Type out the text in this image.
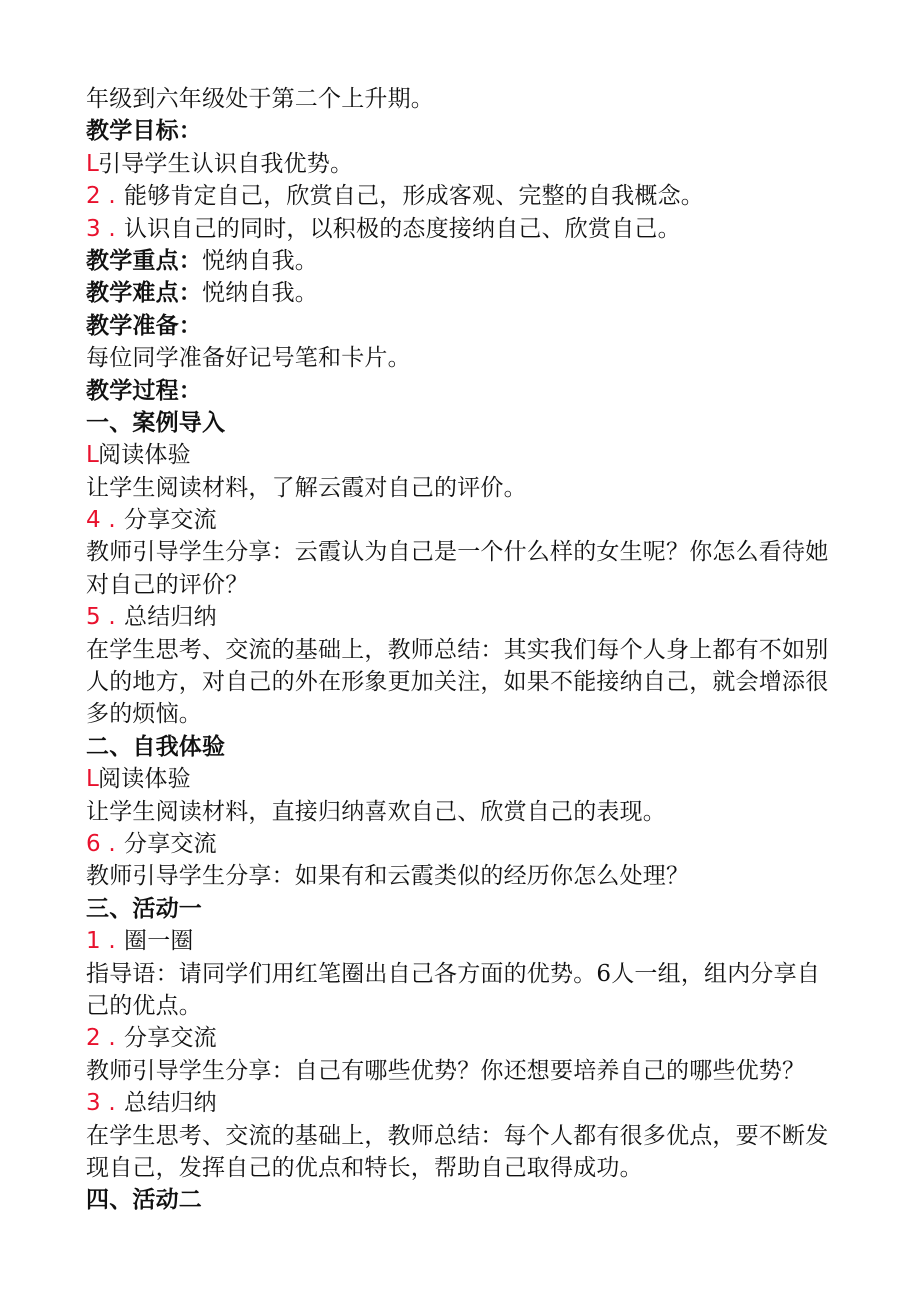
年级到六年级处于第二个上升期。
教学目标：
L引导学生认识自我优势。
2 . 能够肯定自己，欣赏自己，形成客观、完整的自我概念。
3 . 认识自己的同时，以积极的态度接纳自己、欣赏自己。
教学重点：悦纳自我。
教学难点：悦纳自我。
教学准备：
每位同学准备好记号笔和卡片。
教学过程：
一、案例导入
L阅读体验
让学生阅读材料，了解云霞对自己的评价。
4 . 分享交流
教师引导学生分享：云霞认为自己是一个什么样的女生呢？你怎么看待她
对自己的评价？
5 . 总结归纳
在学生思考、交流的基础上，教师总结：其实我们每个人身上都有不如别
人的地方，对自己的外在形象更加关注，如果不能接纳自己，就会增添很
多的烦恼。
二、自我体验
L阅读体验
让学生阅读材料，直接归纳喜欢自己、欣赏自己的表现。
6 . 分享交流
教师引导学生分享：如果有和云霞类似的经历你怎么处理？
三、活动一
1 . 圈一圈
指导语：请同学们用红笔圈出自己各方面的优势。6人一组，组内分享自
己的优点。
2 . 分享交流
教师引导学生分享：自己有哪些优势？你还想要培养自己的哪些优势？
3 . 总结归纳
在学生思考、交流的基础上，教师总结：每个人都有很多优点，要不断发
现自己，发挥自己的优点和特长，帮助自己取得成功。
四、活动二
